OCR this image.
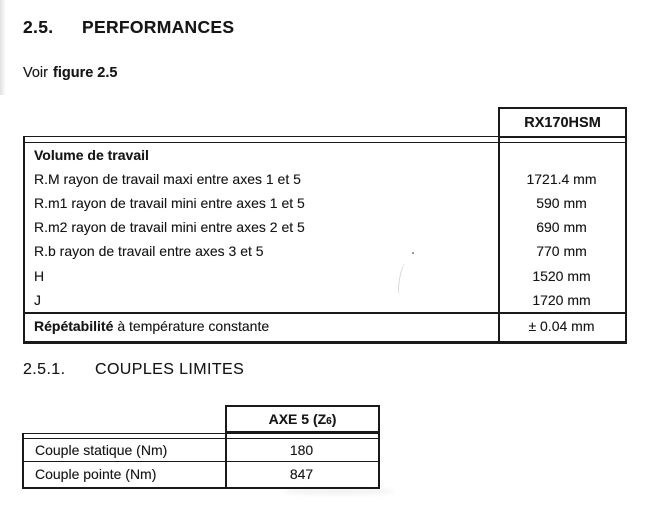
2.5.	PERFORMANCES
Voir figure 2.5
RX170HSM
Volume de travail
R.M rayon de travail maxi entre axes 1 et 5	1721.4 mm
R.m1 rayon de travail mini entre axes 1 et 5	590 mm
R.m2 rayon de travail mini entre axes 2 et 5	690 mm
R.b rayon de travail entre axes 3 et 5	770 mm
H	1520 mm
J	1720 mm
Répétabilité à température constante	± 0.04 mm
2.5.1.	COUPLES LIMITES
AXE 5 ($Z_6$ )
Couple statique (Nm)	180
Couple pointe (Nm)	847
